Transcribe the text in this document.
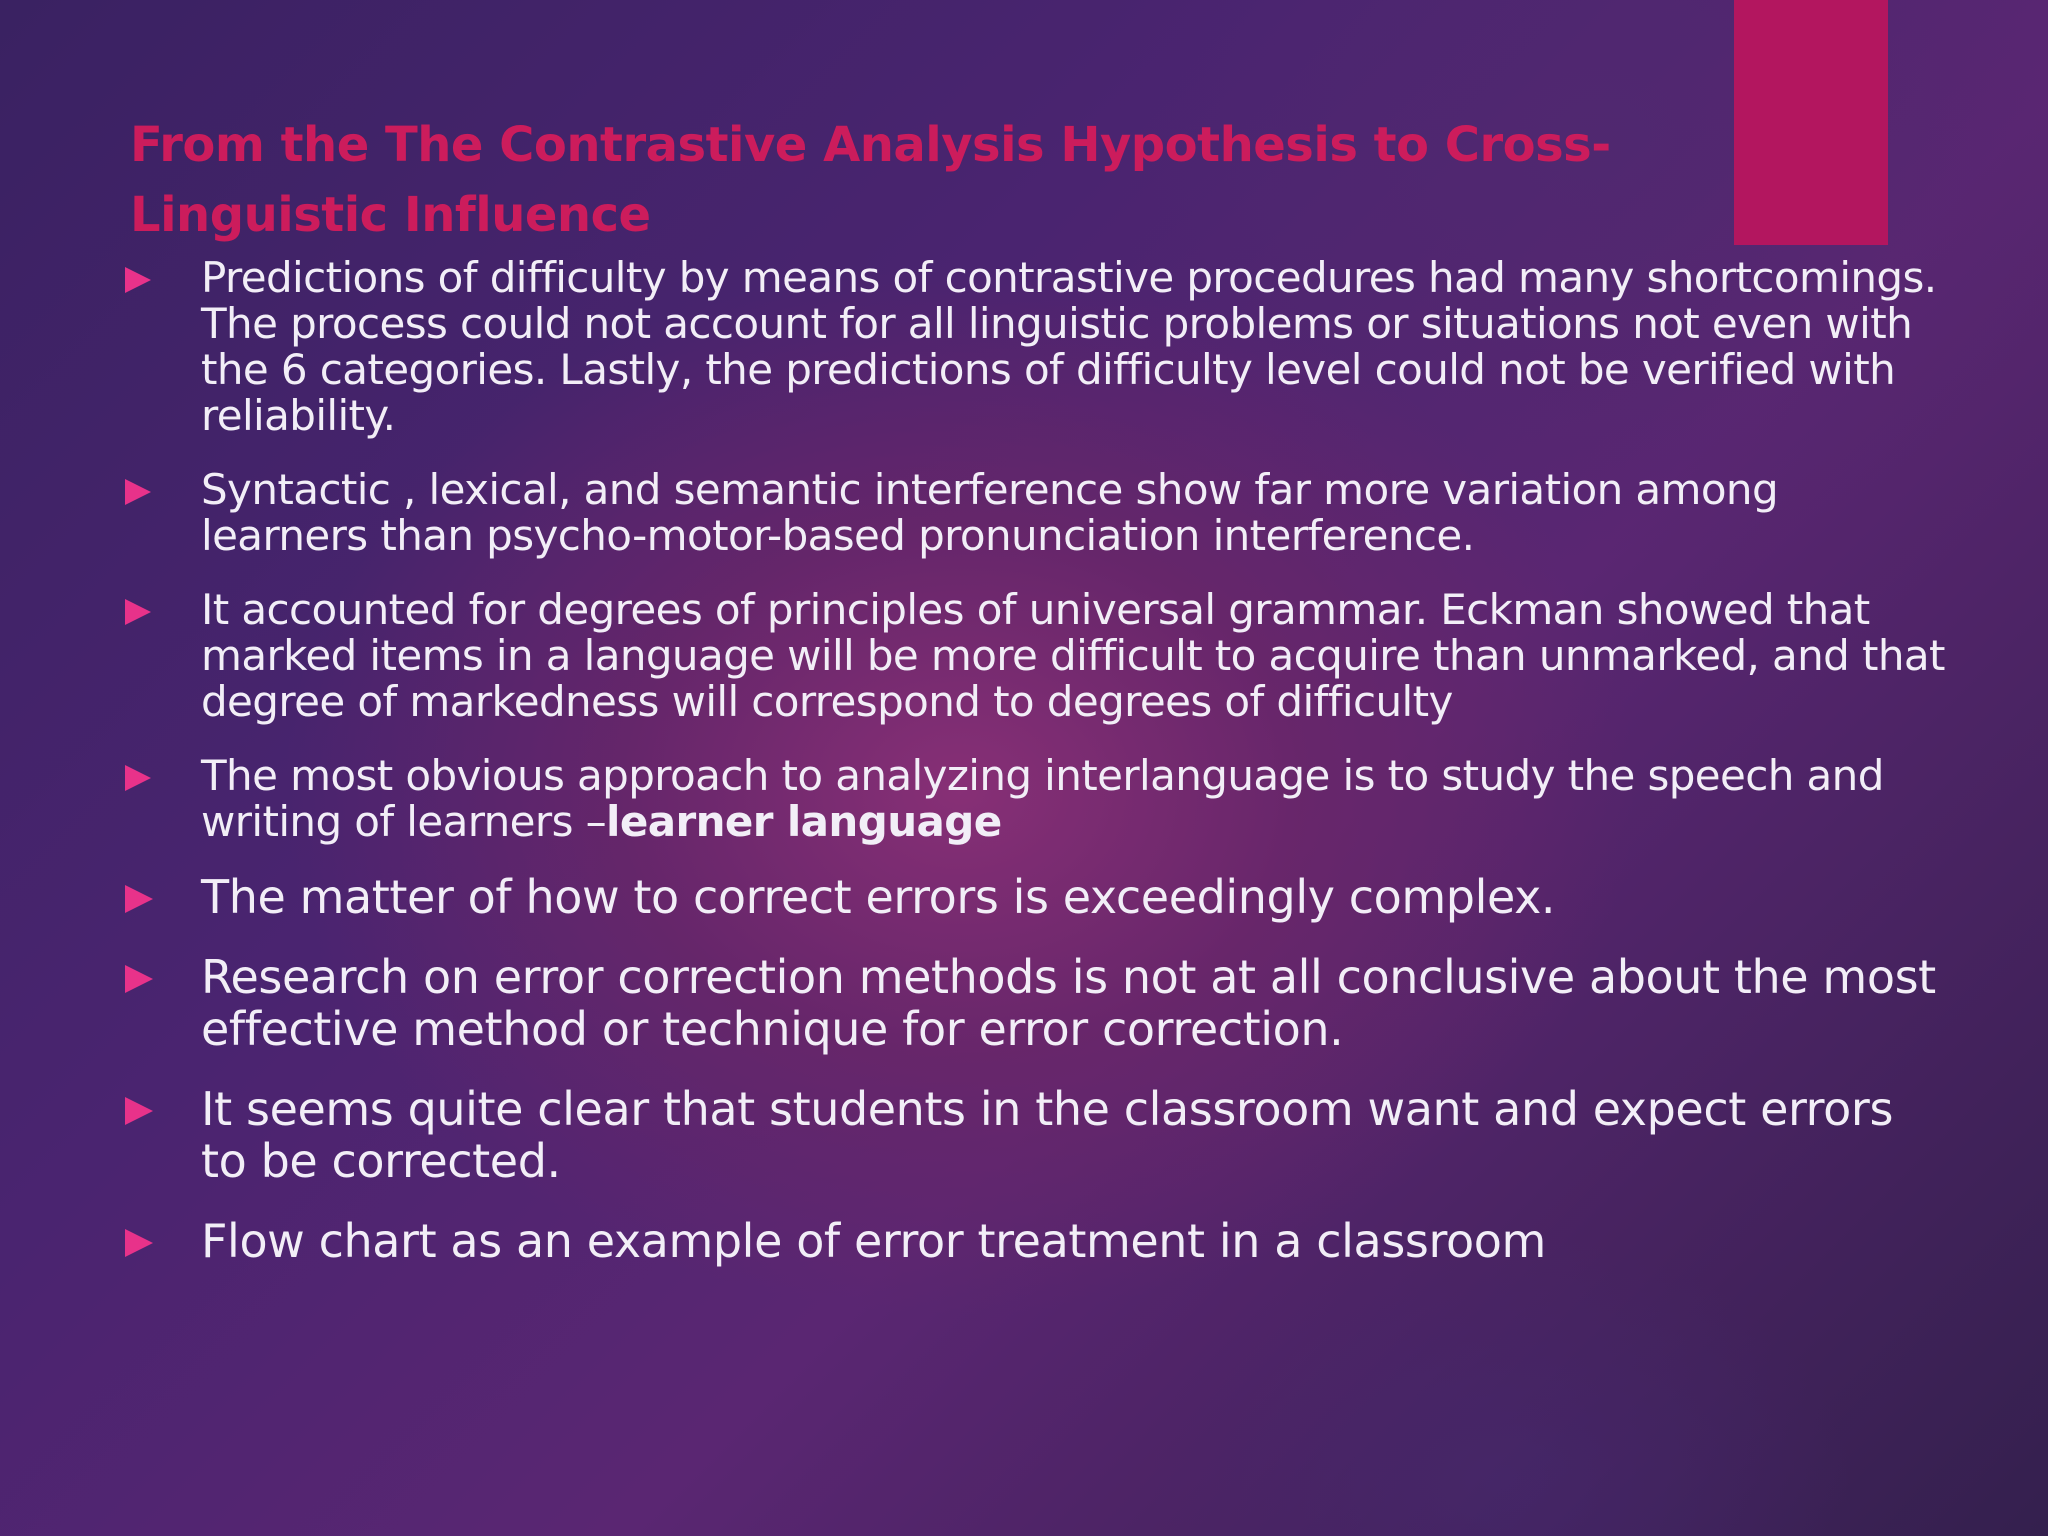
From the The Contrastive Analysis Hypothesis to Cross-Linguistic Influence
Predictions of difficulty by means of contrastive procedures had many shortcomings. The process could not account for all linguistic problems or situations not even with the 6 categories. Lastly, the predictions of difficulty level could not be verified with reliability.
Syntactic , lexical, and semantic interference show far more variation among learners than psycho-motor-based pronunciation interference.
It accounted for degrees of principles of universal grammar. Eckman showed that marked items in a language will be more difficult to acquire than unmarked, and that degree of markedness will correspond to degrees of difficulty
The most obvious approach to analyzing interlanguage is to study the speech and writing of learners –learner language
The matter of how to correct errors is exceedingly complex.
Research on error correction methods is not at all conclusive about the most effective method or technique for error correction.
It seems quite clear that students in the classroom want and expect errors to be corrected.
Flow chart as an example of error treatment in a classroom
